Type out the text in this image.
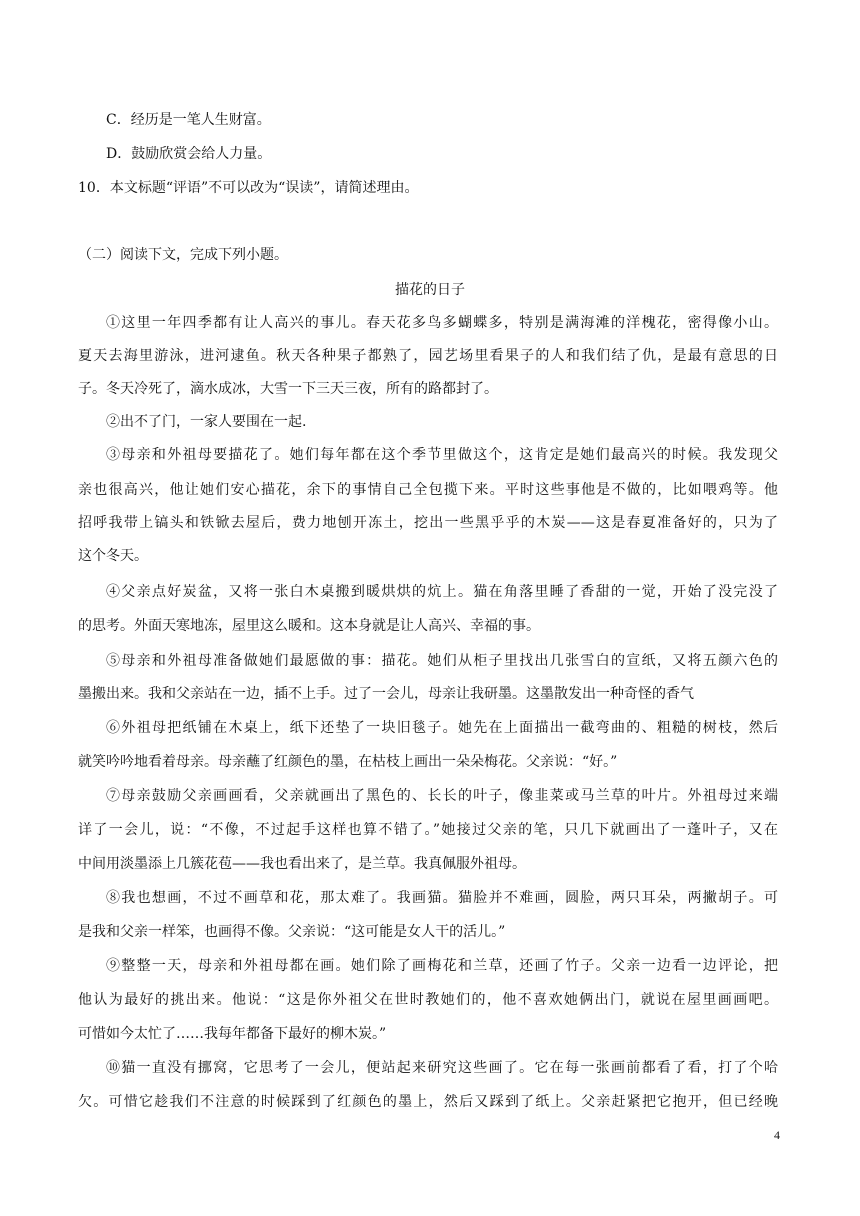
C．经历是一笔人生财富。
D．鼓励欣赏会给人力量。
10．本文标题“评语”不可以改为“误读”，请简述理由。
（二）阅读下文，完成下列小题。
描花的日子
①这里一年四季都有让人高兴的事儿。春天花多鸟多蝴蝶多，特别是满海滩的洋槐花，密得像小山。
夏天去海里游泳，进河逮鱼。秋天各种果子都熟了，园艺场里看果子的人和我们结了仇，是最有意思的日
子。冬天冷死了，滴水成冰，大雪一下三天三夜，所有的路都封了。
②出不了门，一家人要围在一起.
③母亲和外祖母要描花了。她们每年都在这个季节里做这个，这肯定是她们最高兴的时候。我发现父
亲也很高兴，他让她们安心描花，余下的事情自己全包揽下来。平时这些事他是不做的，比如喂鸡等。他
招呼我带上镐头和铁锨去屋后，费力地刨开冻土，挖出一些黑乎乎的木炭——这是春夏准备好的，只为了
这个冬天。
④父亲点好炭盆，又将一张白木桌搬到暖烘烘的炕上。猫在角落里睡了香甜的一觉，开始了没完没了
的思考。外面天寒地冻，屋里这么暖和。这本身就是让人高兴、幸福的事。
⑤母亲和外祖母准备做她们最愿做的事：描花。她们从柜子里找出几张雪白的宣纸，又将五颜六色的
墨搬出来。我和父亲站在一边，插不上手。过了一会儿，母亲让我研墨。这墨散发出一种奇怪的香气
⑥外祖母把纸铺在木桌上，纸下还垫了一块旧毯子。她先在上面描出一截弯曲的、粗糙的树枝，然后
就笑吟吟地看着母亲。母亲蘸了红颜色的墨，在枯枝上画出一朵朵梅花。父亲说：“好。”
⑦母亲鼓励父亲画画看，父亲就画出了黑色的、长长的叶子，像韭菜或马兰草的叶片。外祖母过来端
详了一会儿，说：“不像，不过起手这样也算不错了。”她接过父亲的笔，只几下就画出了一蓬叶子，又在
中间用淡墨添上几簇花苞——我也看出来了，是兰草。我真佩服外祖母。
⑧我也想画，不过不画草和花，那太难了。我画猫。猫脸并不难画，圆脸，两只耳朵，两撇胡子。可
是我和父亲一样笨，也画得不像。父亲说：“这可能是女人干的活儿。”
⑨整整一天，母亲和外祖母都在画。她们除了画梅花和兰草，还画了竹子。父亲一边看一边评论，把
他认为最好的挑出来。他说：“这是你外祖父在世时教她们的，他不喜欢她俩出门，就说在屋里画画吧。
可惜如今太忙了……我每年都备下最好的柳木炭。”
⑩猫一直没有挪窝，它思考了一会儿，便站起来研究这些画了。它在每一张画前都看了看，打了个哈
欠。可惜它趁我们不注意的时候踩到了红颜色的墨上，然后又踩到了纸上。父亲赶紧把它抱开，但已经晚
4
